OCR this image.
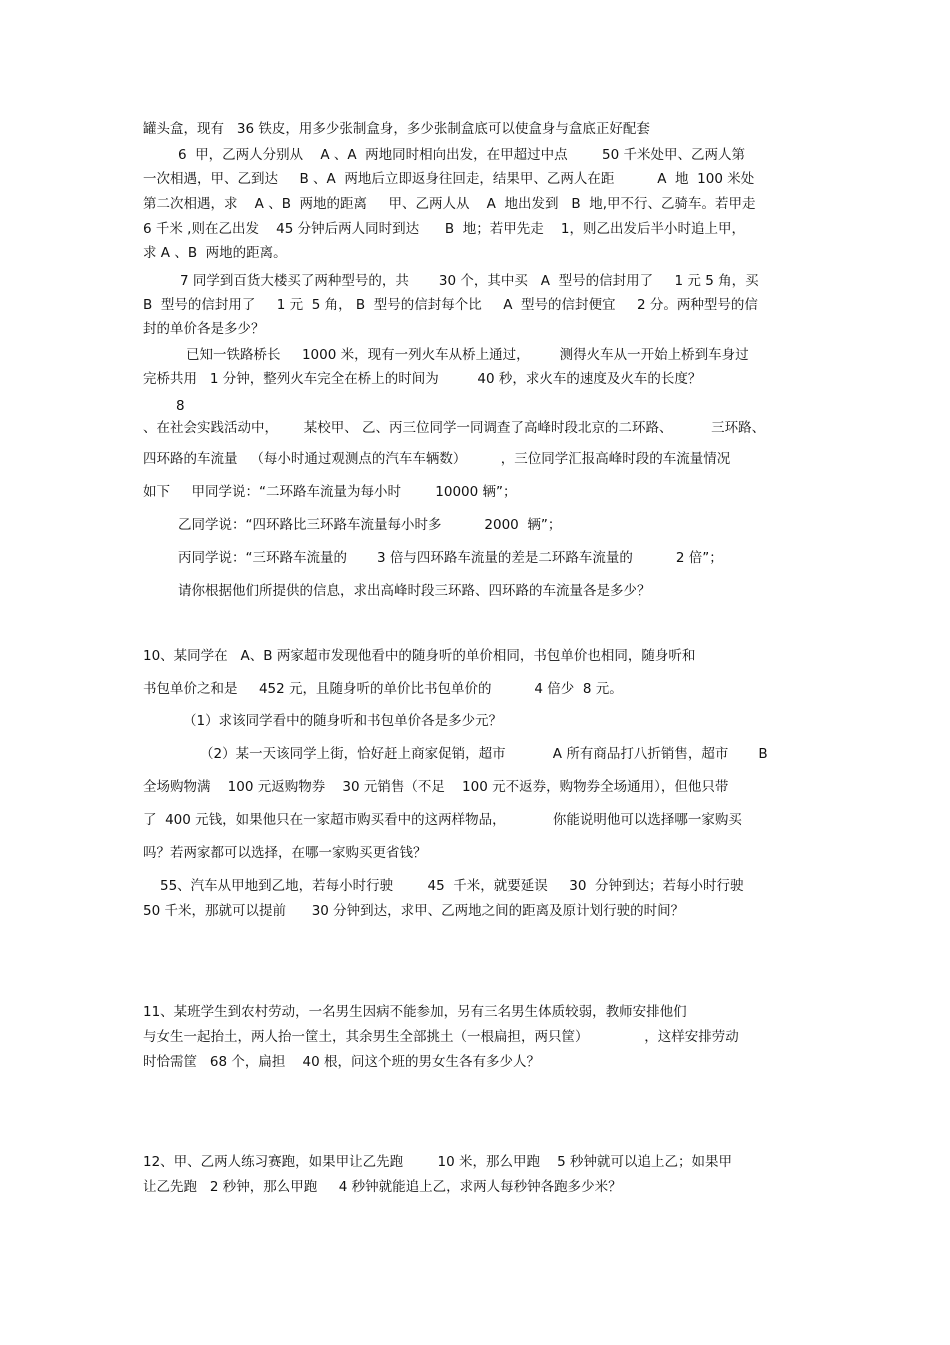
罐头盒，现有   36 铁皮，用多少张制盒身，多少张制盒底可以使盒身与盒底正好配套
6  甲，乙两人分别从    A 、A  两地同时相向出发，在甲超过中点        50 千米处甲、乙两人第
一次相遇，甲、乙到达     B 、A  两地后立即返身往回走，结果甲、乙两人在距          A  地  100 米处
第二次相遇，求    A 、B  两地的距离     甲、乙两人从    A  地出发到   B  地,甲不行、乙骑车。若甲走
6 千米 ,则在乙出发    45 分钟后两人同时到达      B  地；若甲先走    1，则乙出发后半小时追上甲，
求 A 、B  两地的距离。
7 同学到百货大楼买了两种型号的，共       30 个，其中买   A  型号的信封用了     1 元 5 角，买
B  型号的信封用了     1 元  5 角， B  型号的信封每个比     A  型号的信封便宜     2 分。两种型号的信
封的单价各是多少？
已知一铁路桥长     1000 米，现有一列火车从桥上通过，       测得火车从一开始上桥到车身过
完桥共用   1 分钟，整列火车完全在桥上的时间为         40 秒，求火车的速度及火车的长度？
8
、在社会实践活动中，      某校甲、 乙、丙三位同学一同调查了高峰时段北京的二环路、         三环路、
四环路的车流量   （每小时通过观测点的汽车车辆数）        ，三位同学汇报高峰时段的车流量情况
如下     甲同学说：“二环路车流量为每小时        10000 辆”；
乙同学说：“四环路比三环路车流量每小时多          2000  辆”；
丙同学说：“三环路车流量的       3 倍与四环路车流量的差是二环路车流量的          2 倍”；
请你根据他们所提供的信息，求出高峰时段三环路、四环路的车流量各是多少？
10、某同学在   A、B 两家超市发现他看中的随身听的单价相同，书包单价也相同，随身听和
书包单价之和是     452 元，且随身听的单价比书包单价的          4 倍少  8 元。
（1）求该同学看中的随身听和书包单价各是多少元？
（2）某一天该同学上街，恰好赶上商家促销，超市           A 所有商品打八折销售，超市       B
全场购物满    100 元返购物券    30 元销售（不足    100 元不返券，购物券全场通用），但他只带
了  400 元钱，如果他只在一家超市购买看中的这两样物品，           你能说明他可以选择哪一家购买
吗？若两家都可以选择，在哪一家购买更省钱？
55、汽车从甲地到乙地，若每小时行驶        45  千米，就要延误     30  分钟到达；若每小时行驶
50 千米，那就可以提前      30 分钟到达，求甲、乙两地之间的距离及原计划行驶的时间？
11、某班学生到农村劳动，一名男生因病不能参加，另有三名男生体质较弱，教师安排他们
与女生一起抬土，两人抬一筐土，其余男生全部挑土（一根扁担，两只筐）             ，这样安排劳动
时恰需筐   68 个，扁担    40 根，问这个班的男女生各有多少人？
12、甲、乙两人练习赛跑，如果甲让乙先跑        10 米，那么甲跑    5 秒钟就可以追上乙；如果甲
让乙先跑   2 秒钟，那么甲跑     4 秒钟就能追上乙，求两人每秒钟各跑多少米？
